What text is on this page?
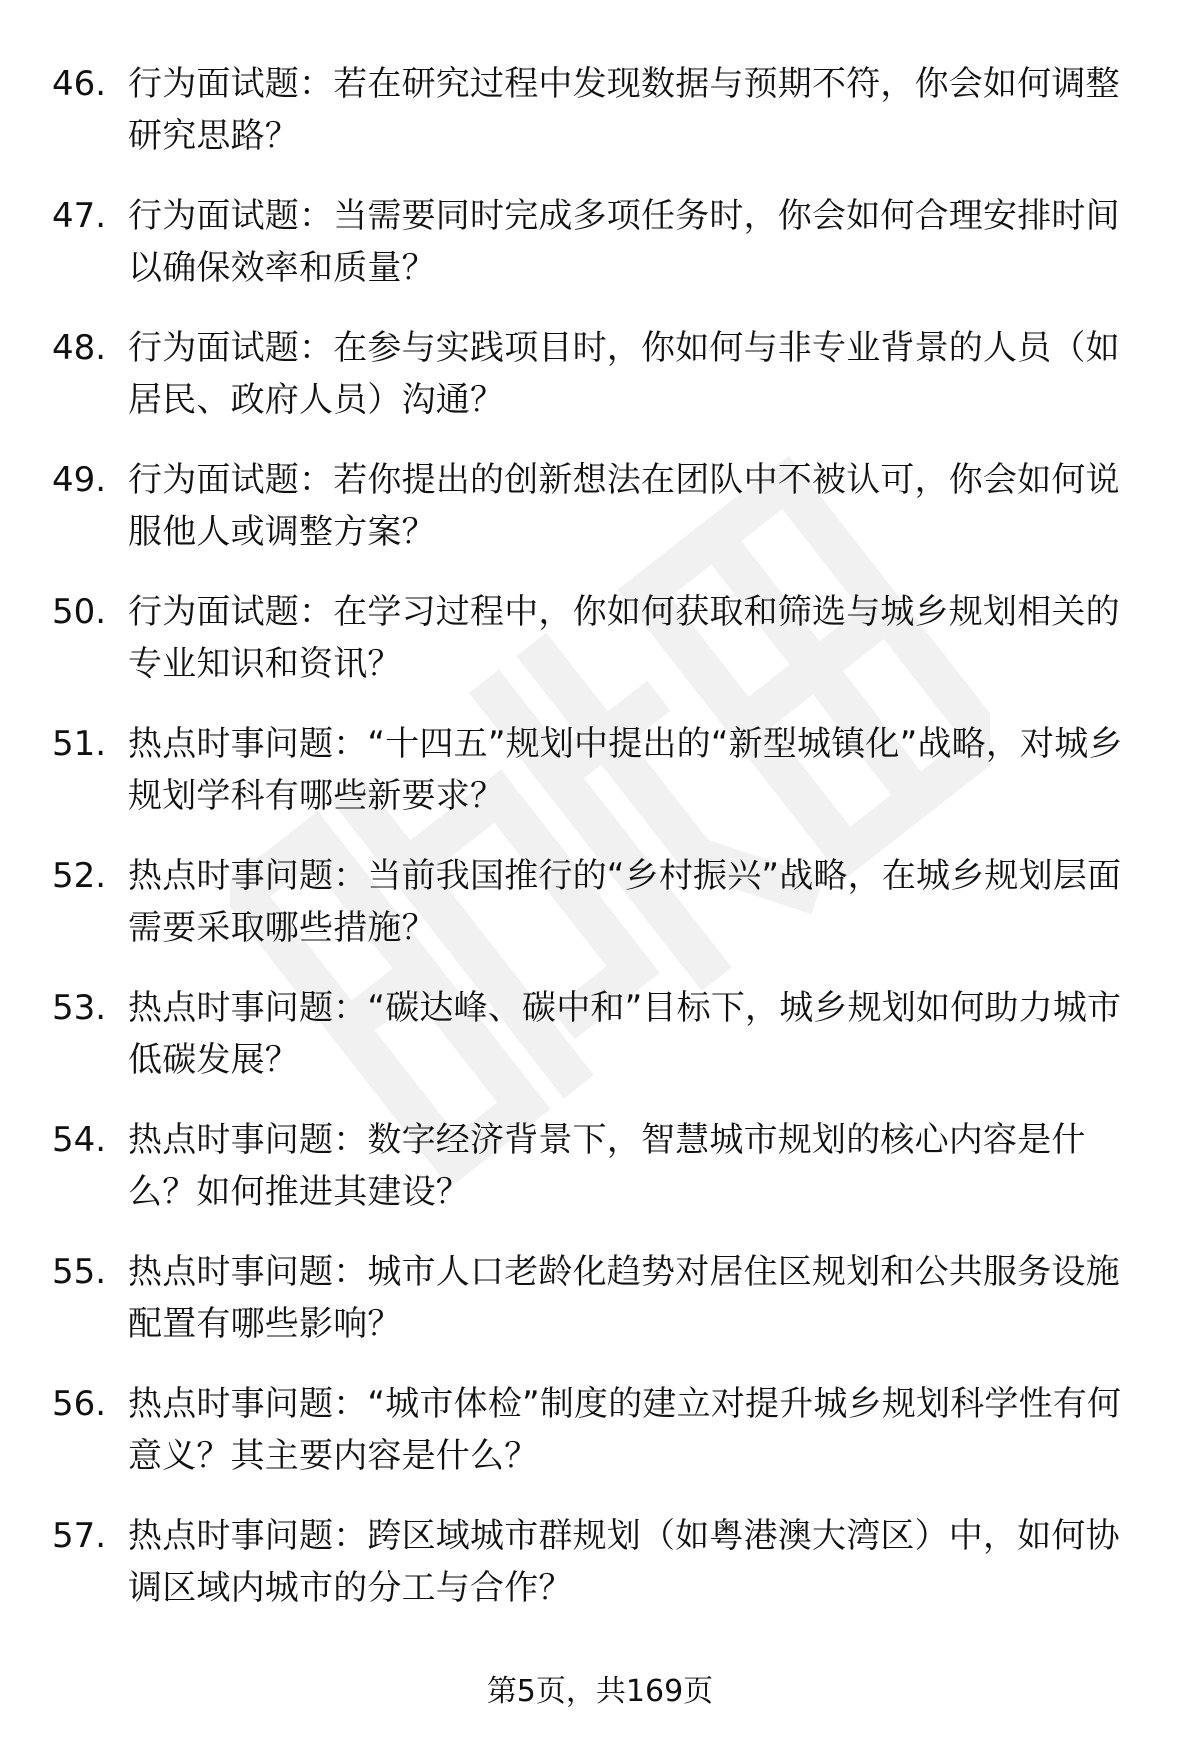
46. 行为面试题：若在研究过程中发现数据与预期不符，你会如何调整研究思路？
47. 行为面试题：当需要同时完成多项任务时，你会如何合理安排时间以确保效率和质量？
48. 行为面试题：在参与实践项目时，你如何与非专业背景的人员（如居民、政府人员）沟通？
49. 行为面试题：若你提出的创新想法在团队中不被认可，你会如何说服他人或调整方案？
50. 行为面试题：在学习过程中，你如何获取和筛选与城乡规划相关的专业知识和资讯？
51. 热点时事问题：“十四五”规划中提出的“新型城镇化”战略，对城乡规划学科有哪些新要求？
52. 热点时事问题：当前我国推行的“乡村振兴”战略，在城乡规划层面需要采取哪些措施？
53. 热点时事问题：“碳达峰、碳中和”目标下，城乡规划如何助力城市低碳发展？
54. 热点时事问题：数字经济背景下，智慧城市规划的核心内容是什么？如何推进其建设？
55. 热点时事问题：城市人口老龄化趋势对居住区规划和公共服务设施配置有哪些影响？
56. 热点时事问题：“城市体检”制度的建立对提升城乡规划科学性有何意义？其主要内容是什么？
57. 热点时事问题：跨区域城市群规划（如粤港澳大湾区）中，如何协调区域内城市的分工与合作？
第5页，共169页
